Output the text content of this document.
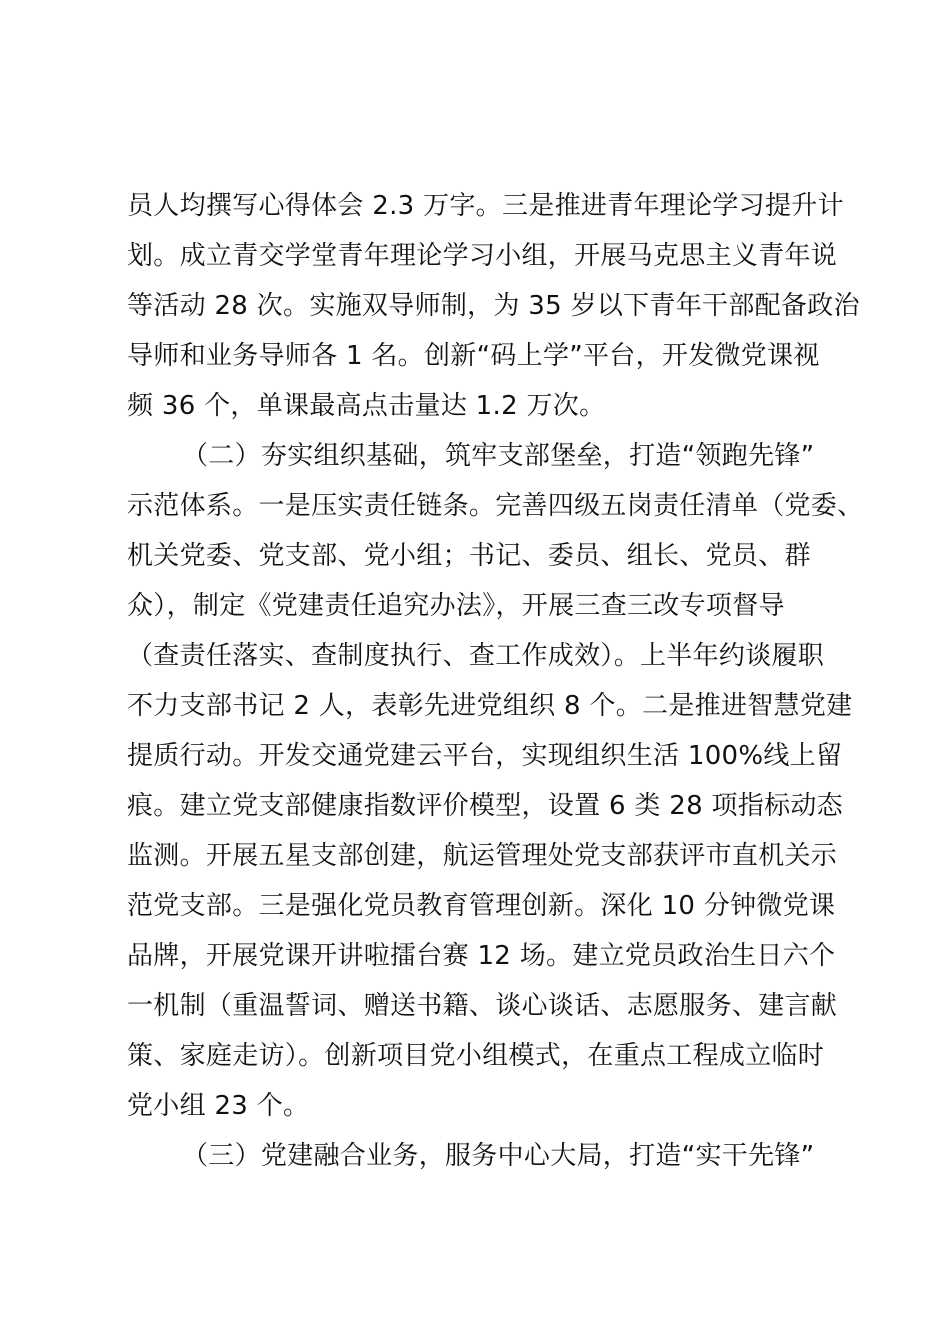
员人均撰写心得体会 2.3 万字。三是推进青年理论学习提升计
划。成立青交学堂青年理论学习小组，开展马克思主义青年说
等活动 28 次。实施双导师制，为 35 岁以下青年干部配备政治
导师和业务导师各 1 名。创新“码上学”平台，开发微党课视
频 36 个，单课最高点击量达 1.2 万次。
（二）夯实组织基础，筑牢支部堡垒，打造“领跑先锋”
示范体系。一是压实责任链条。完善四级五岗责任清单（党委、
机关党委、党支部、党小组；书记、委员、组长、党员、群
众），制定《党建责任追究办法》，开展三查三改专项督导
（查责任落实、查制度执行、查工作成效）。上半年约谈履职
不力支部书记 2 人，表彰先进党组织 8 个。二是推进智慧党建
提质行动。开发交通党建云平台，实现组织生活 100%线上留
痕。建立党支部健康指数评价模型，设置 6 类 28 项指标动态
监测。开展五星支部创建，航运管理处党支部获评市直机关示
范党支部。三是强化党员教育管理创新。深化 10 分钟微党课
品牌，开展党课开讲啦擂台赛 12 场。建立党员政治生日六个
一机制（重温誓词、赠送书籍、谈心谈话、志愿服务、建言献
策、家庭走访）。创新项目党小组模式，在重点工程成立临时
党小组 23 个。
（三）党建融合业务，服务中心大局，打造“实干先锋”
